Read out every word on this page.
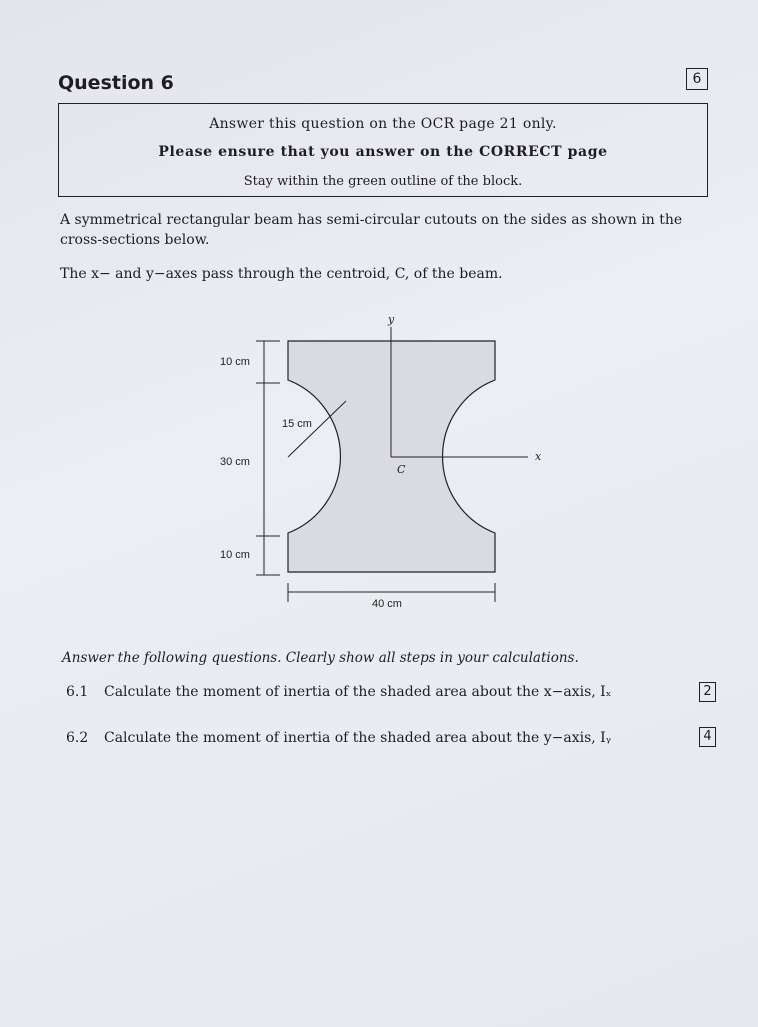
Question 6	6
Answer this question on the OCR page 21 only.
Please ensure that you answer on the CORRECT page
Stay within the green outline of the block.
A symmetrical rectangular beam has semi-circular cutouts on the sides as shown in the cross-sections below.
The x− and y−axes pass through the centroid, C, of the beam.
y
x
C
10 cm
30 cm
10 cm
15 cm
40 cm
Answer the following questions. Clearly show all steps in your calculations.
6.1 Calculate the moment of inertia of the shaded area about the x−axis, Iₓ	2
6.2 Calculate the moment of inertia of the shaded area about the y−axis, Iᵧ	4
